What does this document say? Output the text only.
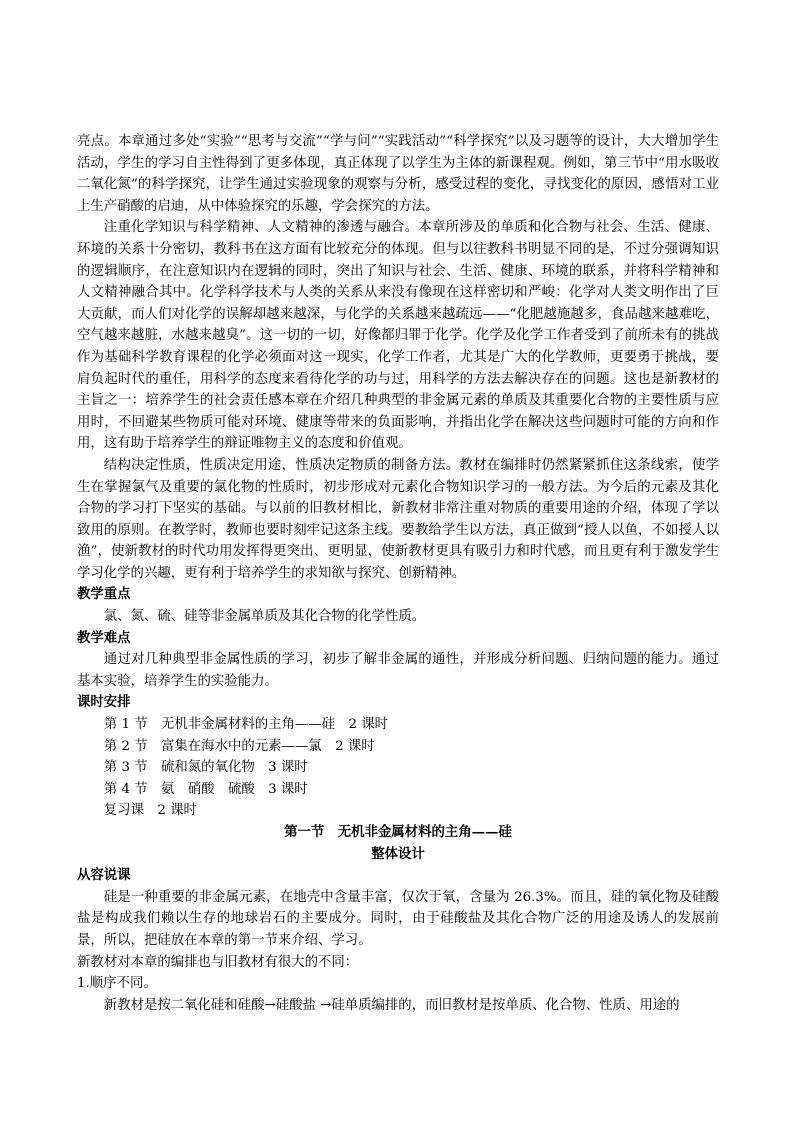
亮点。本章通过多处“实验”“思考与交流”“学与问”“实践活动”“科学探究”以及习题等的设计，大大增加学生活动，学生的学习自主性得到了更多体现，真正体现了以学生为主体的新课程观。例如，第三节中“用水吸收二氧化氮”的科学探究，让学生通过实验现象的观察与分析，感受过程的变化，寻找变化的原因，感悟对工业上生产硝酸的启迪，从中体验探究的乐趣，学会探究的方法。

注重化学知识与科学精神、人文精神的渗透与融合。本章所涉及的单质和化合物与社会、生活、健康、环境的关系十分密切，教科书在这方面有比较充分的体现。但与以往教科书明显不同的是，不过分强调知识的逻辑顺序，在注意知识内在逻辑的同时，突出了知识与社会、生活、健康、环境的联系，并将科学精神和人文精神融合其中。化学科学技术与人类的关系从来没有像现在这样密切和严峻：化学对人类文明作出了巨大贡献，而人们对化学的误解却越来越深，与化学的关系越来越疏远——“化肥越施越多，食品越来越难吃，空气越来越脏，水越来越臭”。这一切的一切，好像都归罪于化学。化学及化学工作者受到了前所未有的挑战作为基础科学教育课程的化学必须面对这一现实，化学工作者，尤其是广大的化学教师，更要勇于挑战，要肩负起时代的重任，用科学的态度来看待化学的功与过，用科学的方法去解决存在的问题。这也是新教材的主旨之一：培养学生的社会责任感本章在介绍几种典型的非金属元素的单质及其重要化合物的主要性质与应用时，不回避某些物质可能对环境、健康等带来的负面影响，并指出化学在解决这些问题时可能的方向和作用，这有助于培养学生的辩证唯物主义的态度和价值观。

结构决定性质，性质决定用途，性质决定物质的制备方法。教材在编排时仍然紧紧抓住这条线索，使学生在掌握氯气及重要的氯化物的性质时，初步形成对元素化合物知识学习的一般方法。为今后的元素及其化合物的学习打下坚实的基础。与以前的旧教材相比，新教材非常注重对物质的重要用途的介绍，体现了学以致用的原则。在教学时，教师也要时刻牢记这条主线。要教给学生以方法，真正做到“授人以鱼，不如授人以渔”，使新教材的时代功用发挥得更突出、更明显，使新教材更具有吸引力和时代感，而且更有利于激发学生学习化学的兴趣，更有利于培养学生的求知欲与探究、创新精神。

教学重点

氯、氮、硫、硅等非金属单质及其化合物的化学性质。

教学难点

通过对几种典型非金属性质的学习，初步了解非金属的通性，并形成分析问题、归纳问题的能力。通过基本实验，培养学生的实验能力。

课时安排
第 1 节　无机非金属材料的主角——硅　2 课时
第 2 节　富集在海水中的元素——氯　2 课时
第 3 节　硫和氮的氧化物　3 课时
第 4 节　氨　硝酸　硫酸　3 课时
复习课　2 课时
第一节　无机非金属材料的主角——硅
整体设计
从容说课

硅是一种重要的非金属元素，在地壳中含量丰富，仅次于氧，含量为 26.3%。而且，硅的氧化物及硅酸盐是构成我们赖以生存的地球岩石的主要成分。同时，由于硅酸盐及其化合物广泛的用途及诱人的发展前景，所以，把硅放在本章的第一节来介绍、学习。

新教材对本章的编排也与旧教材有很大的不同：

1.顺序不同。

新教材是按二氧化硅和硅酸→硅酸盐 →硅单质编排的，而旧教材是按单质、化合物、性质、用途的
